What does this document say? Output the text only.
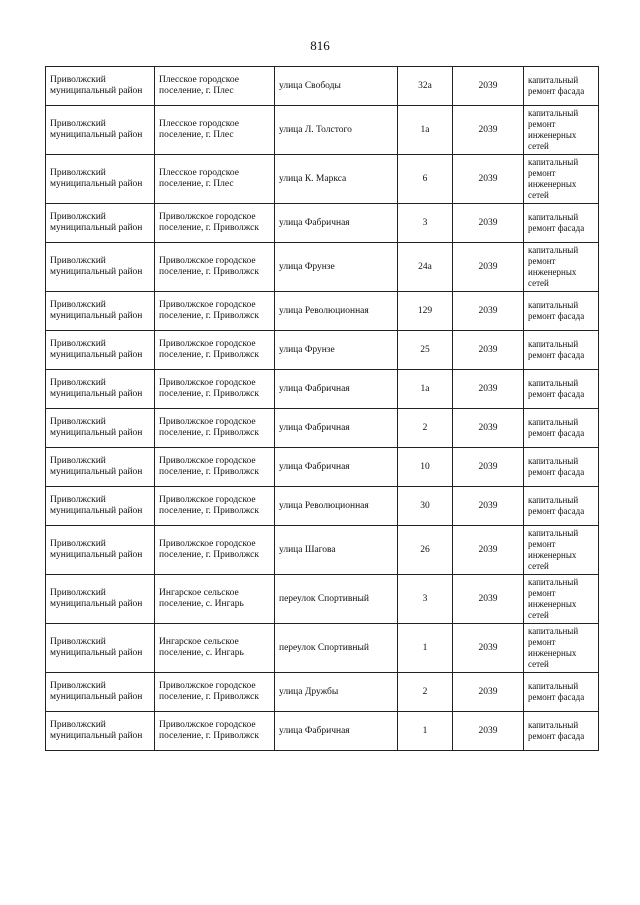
816
Приволжский муниципальный район	Плесское городское поселение, г. Плес	улица Свободы	32а	2039	капитальный ремонт фасада
Приволжский муниципальный район	Плесское городское поселение, г. Плес	улица Л. Толстого	1а	2039	капитальный ремонт инженерных сетей
Приволжский муниципальный район	Плесское городское поселение, г. Плес	улица К. Маркса	6	2039	капитальный ремонт инженерных сетей
Приволжский муниципальный район	Приволжское городское поселение, г. Приволжск	улица Фабричная	3	2039	капитальный ремонт фасада
Приволжский муниципальный район	Приволжское городское поселение, г. Приволжск	улица Фрунзе	24а	2039	капитальный ремонт инженерных сетей
Приволжский муниципальный район	Приволжское городское поселение, г. Приволжск	улица Революционная	129	2039	капитальный ремонт фасада
Приволжский муниципальный район	Приволжское городское поселение, г. Приволжск	улица Фрунзе	25	2039	капитальный ремонт фасада
Приволжский муниципальный район	Приволжское городское поселение, г. Приволжск	улица Фабричная	1а	2039	капитальный ремонт фасада
Приволжский муниципальный район	Приволжское городское поселение, г. Приволжск	улица Фабричная	2	2039	капитальный ремонт фасада
Приволжский муниципальный район	Приволжское городское поселение, г. Приволжск	улица Фабричная	10	2039	капитальный ремонт фасада
Приволжский муниципальный район	Приволжское городское поселение, г. Приволжск	улица Революционная	30	2039	капитальный ремонт фасада
Приволжский муниципальный район	Приволжское городское поселение, г. Приволжск	улица Шагова	26	2039	капитальный ремонт инженерных сетей
Приволжский муниципальный район	Ингарское сельское поселение, с. Ингарь	переулок Спортивный	3	2039	капитальный ремонт инженерных сетей
Приволжский муниципальный район	Ингарское сельское поселение, с. Ингарь	переулок Спортивный	1	2039	капитальный ремонт инженерных сетей
Приволжский муниципальный район	Приволжское городское поселение, г. Приволжск	улица Дружбы	2	2039	капитальный ремонт фасада
Приволжский муниципальный район	Приволжское городское поселение, г. Приволжск	улица Фабричная	1	2039	капитальный ремонт фасада
